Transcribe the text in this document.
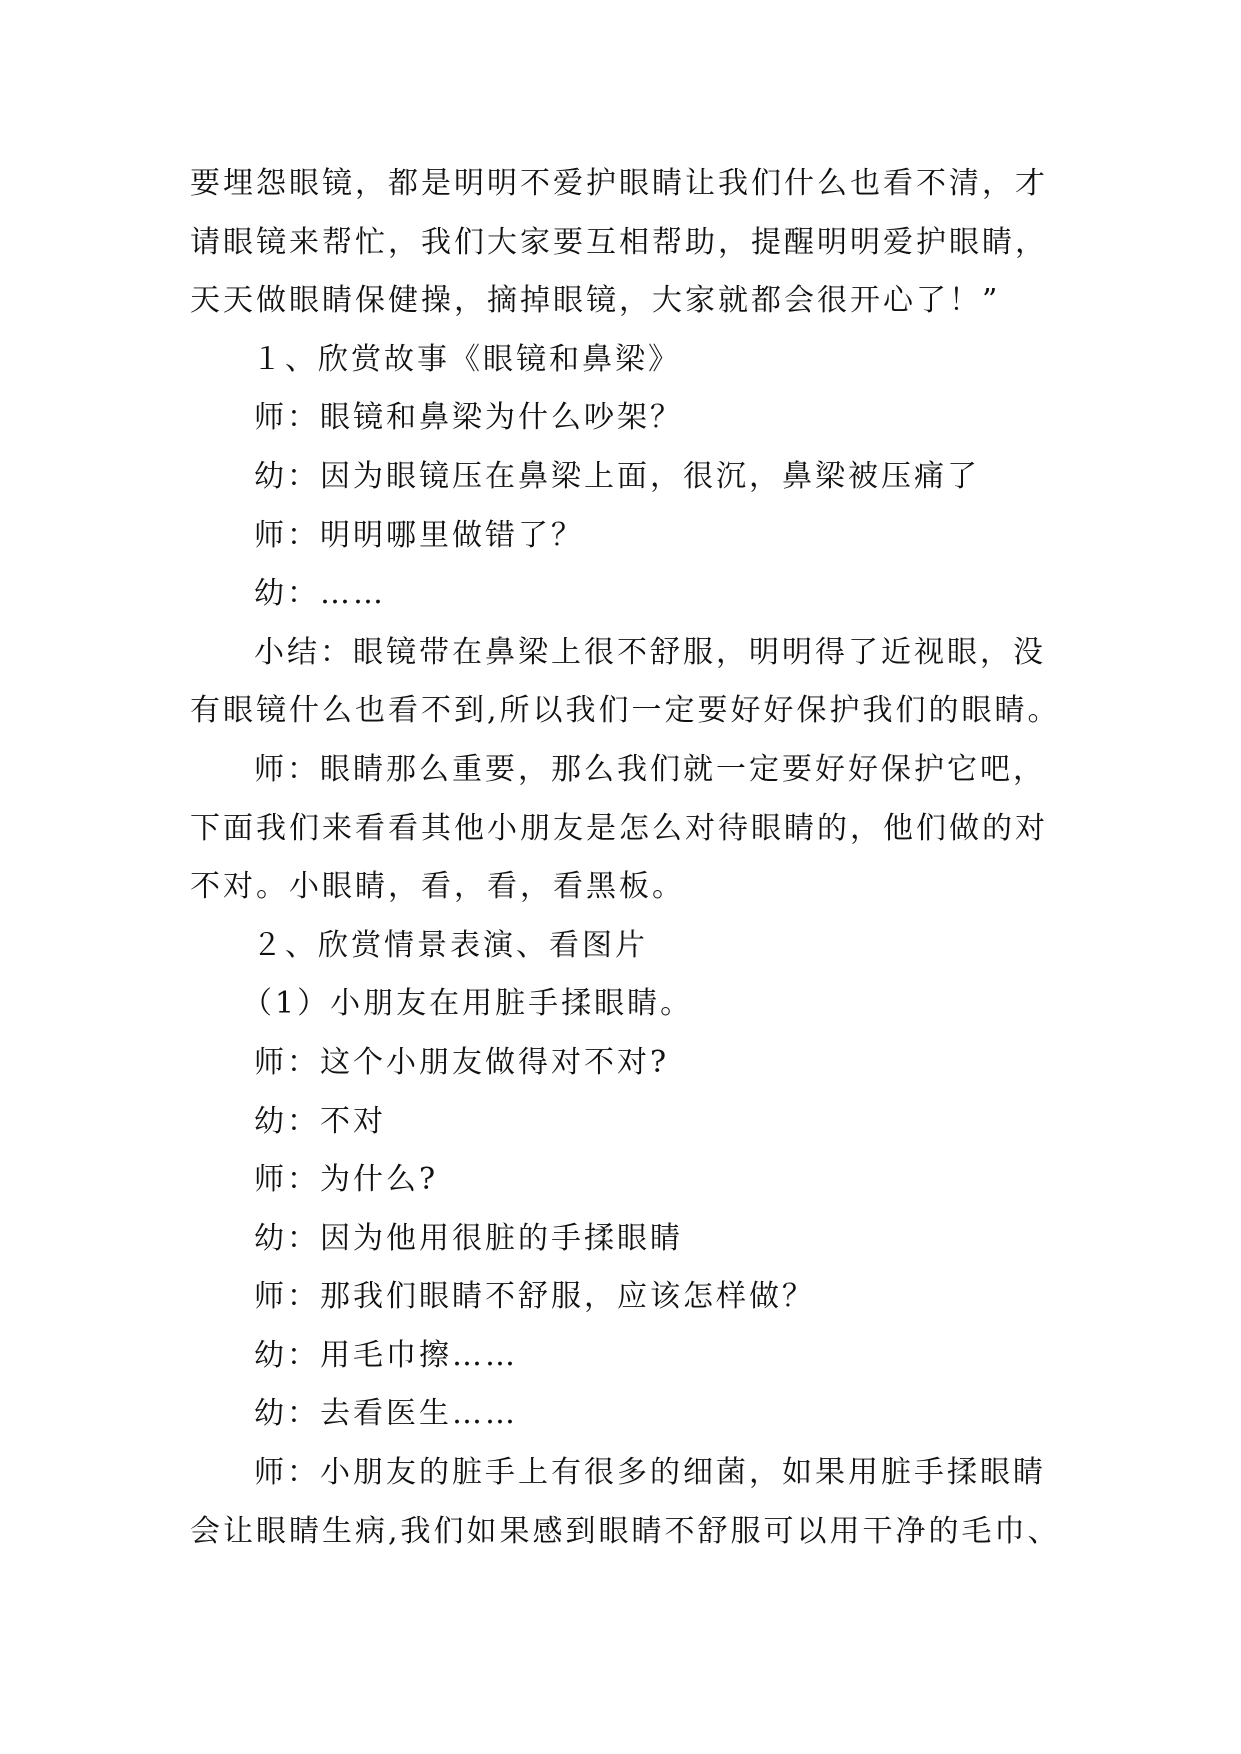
要埋怨眼镜，都是明明不爱护眼睛让我们什么也看不清，才
请眼镜来帮忙，我们大家要互相帮助，提醒明明爱护眼睛，
天天做眼睛保健操，摘掉眼镜，大家就都会很开心了！”
１、欣赏故事《眼镜和鼻梁》
师：眼镜和鼻梁为什么吵架？
幼：因为眼镜压在鼻梁上面，很沉，鼻梁被压痛了
师：明明哪里做错了？
幼：……
小结：眼镜带在鼻梁上很不舒服，明明得了近视眼，没
有眼镜什么也看不到,所以我们一定要好好保护我们的眼睛。
师：眼睛那么重要，那么我们就一定要好好保护它吧，
下面我们来看看其他小朋友是怎么对待眼睛的，他们做的对
不对。小眼睛，看，看，看黑板。
２、欣赏情景表演、看图片
（1）小朋友在用脏手揉眼睛。
师：这个小朋友做得对不对?
幼：不对
师：为什么?
幼：因为他用很脏的手揉眼睛
师：那我们眼睛不舒服，应该怎样做？
幼：用毛巾擦……
幼：去看医生……
师：小朋友的脏手上有很多的细菌，如果用脏手揉眼睛
会让眼睛生病,我们如果感到眼睛不舒服可以用干净的毛巾、
